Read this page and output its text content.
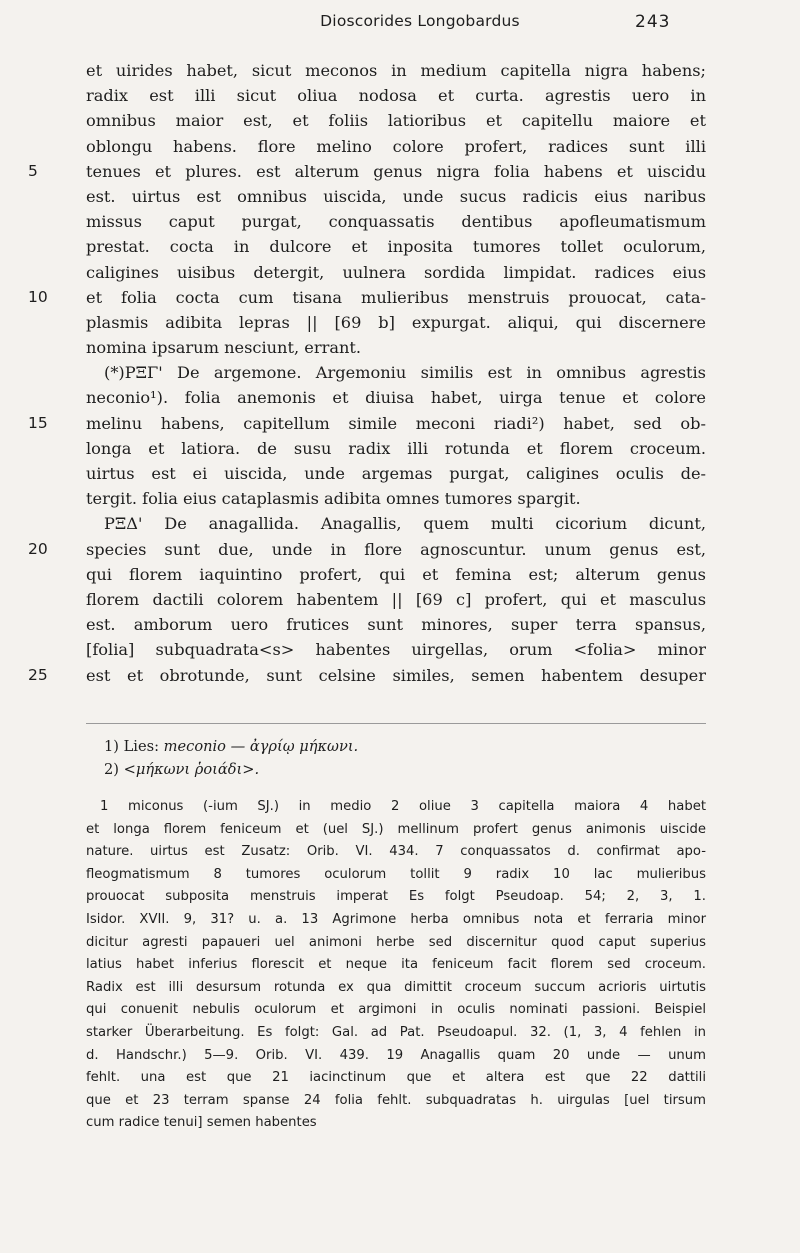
Dioscorides Longobardus	243
et uirides habet, sicut meconos in medium capitella nigra habens;
radix est illi sicut oliua nodosa et curta. agrestis uero in
omnibus maior est, et foliis latioribus et capitellu maiore et
oblongu habens. flore melino colore profert, radices sunt illi
5	tenues et plures. est alterum genus nigra folia habens et uiscidu
est. uirtus est omnibus uiscida, unde sucus radicis eius naribus
missus caput purgat, conquassatis dentibus apofleumatismum
prestat. cocta in dulcore et inposita tumores tollet oculorum,
caligines uisibus detergit, uulnera sordida limpidat. radices eius
10	et folia cocta cum tisana mulieribus menstruis prouocat, cata-
plasmis adibita lepras || [69 b] expurgat. aliqui, qui discernere
nomina ipsarum nesciunt, errant.
(*)ΡΞΓ' De argemone. Argemoniu similis est in omnibus agrestis
neconio¹). folia anemonis et diuisa habet, uirga tenue et colore
15	melinu habens, capitellum simile meconi riadi²) habet, sed ob-
longa et latiora. de susu radix illi rotunda et florem croceum.
uirtus est ei uiscida, unde argemas purgat, caligines oculis de-
tergit. folia eius cataplasmis adibita omnes tumores spargit.
ΡΞΔ' De anagallida. Anagallis, quem multi cicorium dicunt,
20	species sunt due, unde in flore agnoscuntur. unum genus est,
qui florem iaquintino profert, qui et femina est; alterum genus
florem dactili colorem habentem || [69 c] profert, qui et masculus
est. amborum uero frutices sunt minores, super terra spansus,
[folia] subquadrata<s> habentes uirgellas, orum <folia> minor
25	est et obrotunde, sunt celsine similes, semen habentem desuper
1) Lies: meconio — ἀγρίῳ μήκωνι.
2) <μήκωνι ῥοιάδι>.
1 miconus (-ium SJ.) in medio 2 oliue 3 capitella maiora 4 habet
et longa florem feniceum et (uel SJ.) mellinum profert genus animonis uiscide
nature. uirtus est Zusatz: Orib. VI. 434. 7 conquassatos d. confirmat apo-
fleogmatismum 8 tumores oculorum tollit 9 radix 10 lac mulieribus
prouocat subposita menstruis imperat Es folgt Pseudoap. 54; 2, 3, 1.
Isidor. XVII. 9, 31? u. a. 13 Agrimone herba omnibus nota et ferraria minor
dicitur agresti papaueri uel animoni herbe sed discernitur quod caput superius
latius habet inferius florescit et neque ita feniceum facit florem sed croceum.
Radix est illi desursum rotunda ex qua dimittit croceum succum acrioris uirtutis
qui conuenit nebulis oculorum et argimoni in oculis nominati passioni. Beispiel
starker Überarbeitung. Es folgt: Gal. ad Pat. Pseudoapul. 32. (1, 3, 4 fehlen in
d. Handschr.) 5—9. Orib. VI. 439. 19 Anagallis quam 20 unde — unum
fehlt. una est que 21 iacinctinum que et altera est que 22 dattili
que et 23 terram spanse 24 folia fehlt. subquadratas h. uirgulas [uel tirsum
cum radice tenui] semen habentes
